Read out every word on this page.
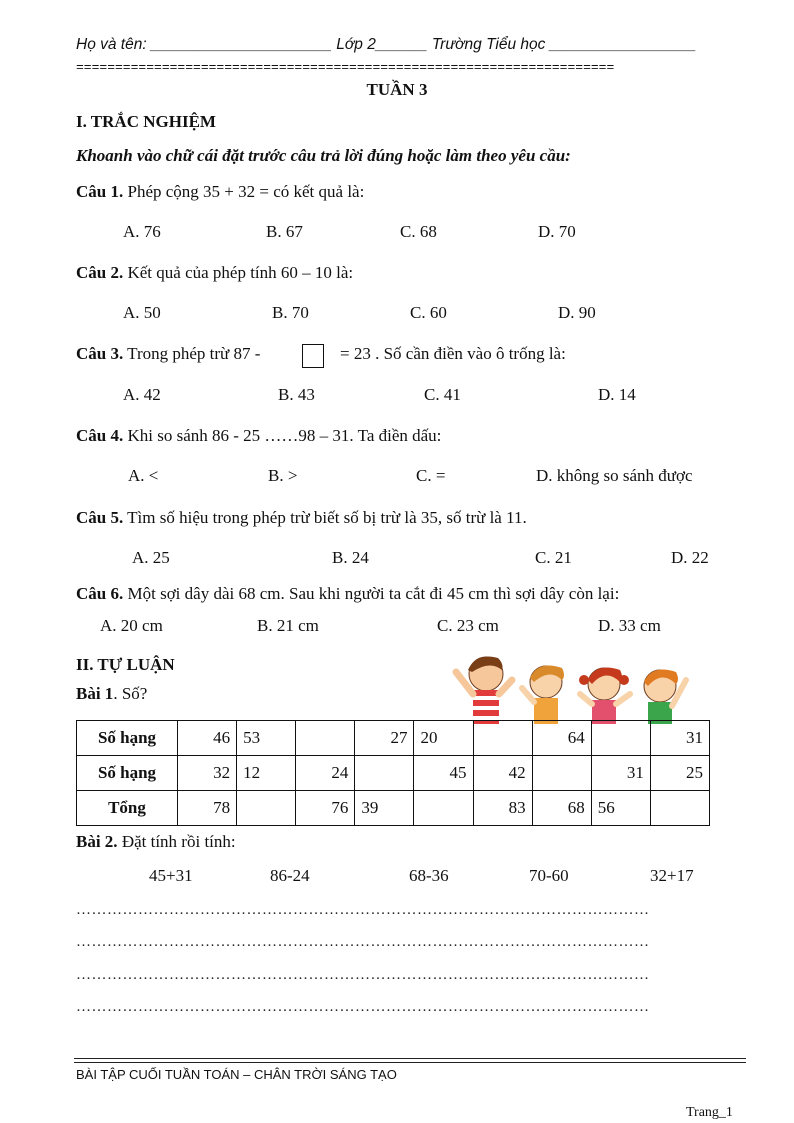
Họ và tên: _____________________ Lớp 2______ Trường Tiểu học _________________
=====================================================================
TUẦN 3
I. TRẮC NGHIỆM
Khoanh vào chữ cái đặt trước câu trả lời đúng hoặc làm theo yêu cầu:
Câu 1. Phép cộng 35 + 32 = có kết quả là:
A. 76	B. 67	C. 68	D. 70
Câu 2. Kết quả của phép tính 60 – 10 là:
A. 50	B. 70	C. 60	D. 90
Câu 3. Trong phép trừ 87 -	= 23 . Số cần điền vào ô trống là:
A. 42	B. 43	C. 41	D. 14
Câu 4. Khi so sánh 86 - 25 ……98 – 31. Ta điền dấu:
A. <	B. >	C. =	D. không so sánh được
Câu 5. Tìm số hiệu trong phép trừ biết số bị trừ là 35, số trừ là 11.
A. 25	B. 24	C. 21	D. 22
Câu 6. Một sợi dây dài 68 cm. Sau khi người ta cắt đi 45 cm thì sợi dây còn lại:
A. 20 cm	B. 21 cm	C. 23 cm	D. 33 cm
II. TỰ LUẬN
Bài 1. Số?
Số hạng	46	53		27	20		64		31
Số hạng	32	12	24		45	42		31	25
Tổng	78		76	39		83	68	56	
Bài 2. Đặt tính rồi tính:
45+31	86-24	68-36	70-60	32+17
…………………………………………………………………………………………………
…………………………………………………………………………………………………
…………………………………………………………………………………………………
…………………………………………………………………………………………………
BÀI TẬP CUỐI TUẦN TOÁN – CHÂN TRỜI SÁNG TẠO
Trang_1
